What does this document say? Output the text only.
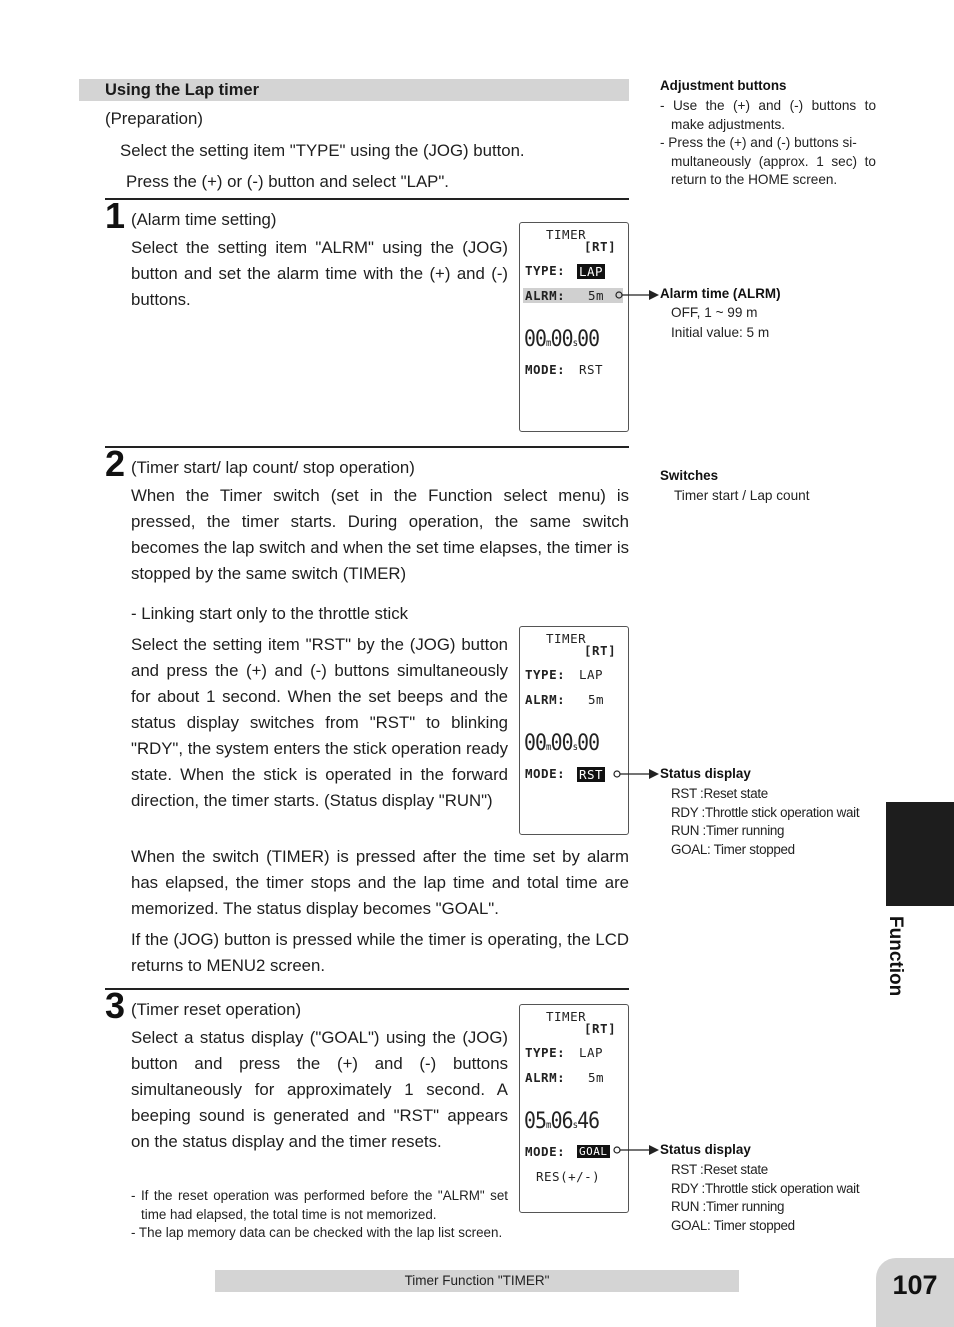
Using the Lap timer
(Preparation)
Select the setting item "TYPE" using the (JOG) button.
Press the (+) or (-) button and select "LAP".
1 (Alarm time setting)
Select the setting item "ALRM" using the (JOG) button and set the alarm time with the (+) and (-) buttons.
TIMER
[RT]
TYPE: LAP

ALRM: 5m
00m00s00
MODE: RST
2 (Timer start/ lap count/ stop operation)
When the Timer switch (set in the Function select menu) is pressed, the timer starts. During operation, the same switch becomes the lap switch and when the set time elapses, the timer is stopped by the same switch (TIMER)
- Linking start only to the throttle stick
Select the setting item "RST" by the (JOG) button and press the (+) and (-) buttons simultaneously for about 1 second. When the set beeps and the status display switches from "RST" to blinking "RDY", the system enters the stick operation ready state. When the stick is operated in the forward direction, the timer starts. (Status display "RUN")
When the switch (TIMER) is pressed after the time set by alarm has elapsed, the timer stops and the lap time and total time are memorized. The status display becomes "GOAL".
If the (JOG) button is pressed while the timer is operating, the LCD returns to MENU2 screen.
TIMER
[RT]
TYPE: LAP
ALRM: 5m
00m00s00
MODE: RST
3 (Timer reset operation)
Select a status display ("GOAL") using the (JOG) button and press the (+) and (-) buttons simultaneously for approximately 1 second. A beeping sound is generated and "RST" appears on the status display and the timer resets.
- If the reset operation was performed before the "ALRM" set time had elapsed, the total time is not memorized.
- The lap memory data can be checked with the lap list screen.
TIMER
[RT]
TYPE: LAP
ALRM: 5m
05m06s46
MODE: GOAL
RES(+/-)
Adjustment buttons
- Use the (+) and (-) buttons to
make adjustments.
- Press the (+) and (-) buttons si-
multaneously (approx. 1 sec) to
return to the HOME screen.
Alarm time (ALRM)
OFF, 1 ~ 99 m
Initial value: 5 m
Switches
Timer start / Lap count
Status display
RST :Reset state
RDY :Throttle stick operation wait
RUN :Timer running
GOAL: Timer stopped
Status display
RST :Reset state
RDY :Throttle stick operation wait
RUN :Timer running
GOAL: Timer stopped
Function
Timer Function "TIMER"	107
